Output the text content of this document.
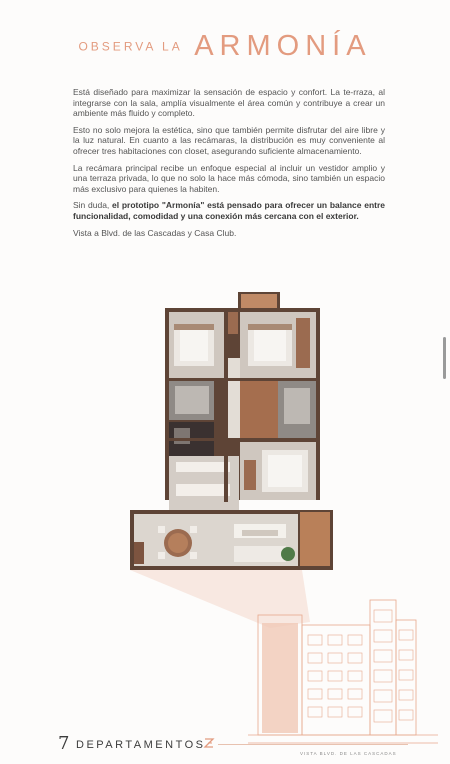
OBSERVA LA ARMONÍA

Está diseñado para maximizar la sensación de espacio y confort. La te-rraza, al integrarse con la sala, amplía visualmente el área común y contribuye a crear un ambiente más fluido y completo.

Esto no solo mejora la estética, sino que también permite disfrutar del aire libre y la luz natural. En cuanto a las recámaras, la distribución es muy conveniente al ofrecer tres habitaciones con closet, asegurando suficiente almacenamiento.

La recámara principal recibe un enfoque especial al incluir un vestidor amplio y una terraza privada, lo que no solo la hace más cómoda, sino también un espacio más exclusivo para quienes la habiten.

Sin duda, el prototipo "Armonía" está pensado para ofrecer un balance entre funcionalidad, comodidad y una conexión más cercana con el exterior.

Vista a Blvd. de las Cascadas y Casa Club.

7 DEPARTAMENTOS
VISTA BLVD. DE LAS CASCADAS
